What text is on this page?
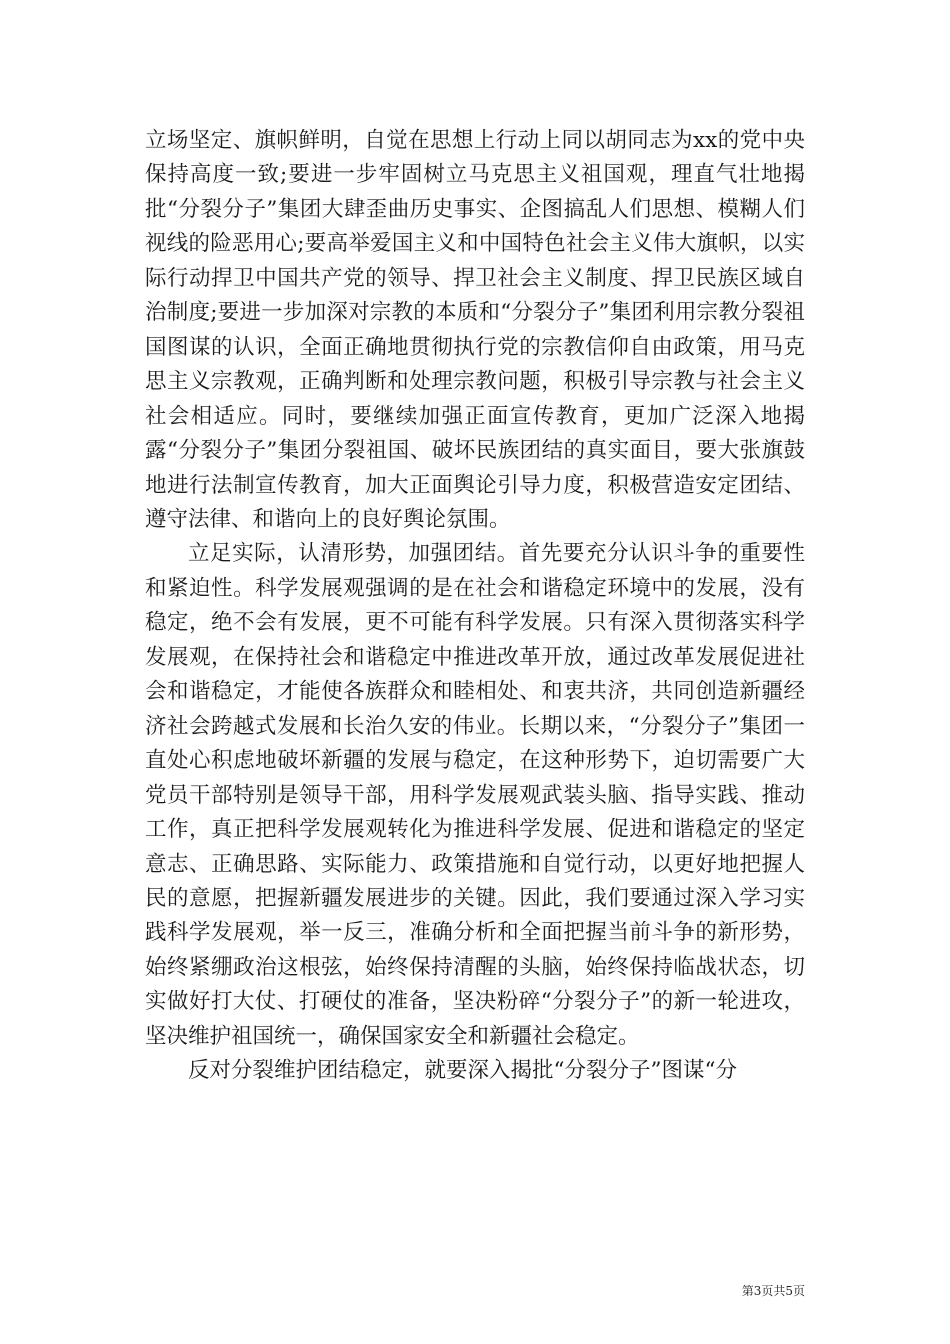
立场坚定、旗帜鲜明，自觉在思想上行动上同以胡同志为xx的党中央保持高度一致;要进一步牢固树立马克思主义祖国观，理直气壮地揭批“分裂分子”集团大肆歪曲历史事实、企图搞乱人们思想、模糊人们视线的险恶用心;要高举爱国主义和中国特色社会主义伟大旗帜，以实际行动捍卫中国共产党的领导、捍卫社会主义制度、捍卫民族区域自治制度;要进一步加深对宗教的本质和“分裂分子”集团利用宗教分裂祖国图谋的认识，全面正确地贯彻执行党的宗教信仰自由政策，用马克思主义宗教观，正确判断和处理宗教问题，积极引导宗教与社会主义社会相适应。同时，要继续加强正面宣传教育，更加广泛深入地揭露“分裂分子”集团分裂祖国、破坏民族团结的真实面目，要大张旗鼓地进行法制宣传教育，加大正面舆论引导力度，积极营造安定团结、遵守法律、和谐向上的良好舆论氛围。

立足实际，认清形势，加强团结。首先要充分认识斗争的重要性和紧迫性。科学发展观强调的是在社会和谐稳定环境中的发展，没有稳定，绝不会有发展，更不可能有科学发展。只有深入贯彻落实科学发展观，在保持社会和谐稳定中推进改革开放，通过改革发展促进社会和谐稳定，才能使各族群众和睦相处、和衷共济，共同创造新疆经济社会跨越式发展和长治久安的伟业。长期以来，“分裂分子”集团一直处心积虑地破坏新疆的发展与稳定，在这种形势下，迫切需要广大党员干部特别是领导干部，用科学发展观武装头脑、指导实践、推动工作，真正把科学发展观转化为推进科学发展、促进和谐稳定的坚定意志、正确思路、实际能力、政策措施和自觉行动，以更好地把握人民的意愿，把握新疆发展进步的关键。因此，我们要通过深入学习实践科学发展观，举一反三，准确分析和全面把握当前斗争的新形势，始终紧绷政治这根弦，始终保持清醒的头脑，始终保持临战状态，切实做好打大仗、打硬仗的准备，坚决粉碎“分裂分子”的新一轮进攻，坚决维护祖国统一，确保国家安全和新疆社会稳定。

反对分裂维护团结稳定，就要深入揭批“分裂分子”图谋“分

第3页共5页
